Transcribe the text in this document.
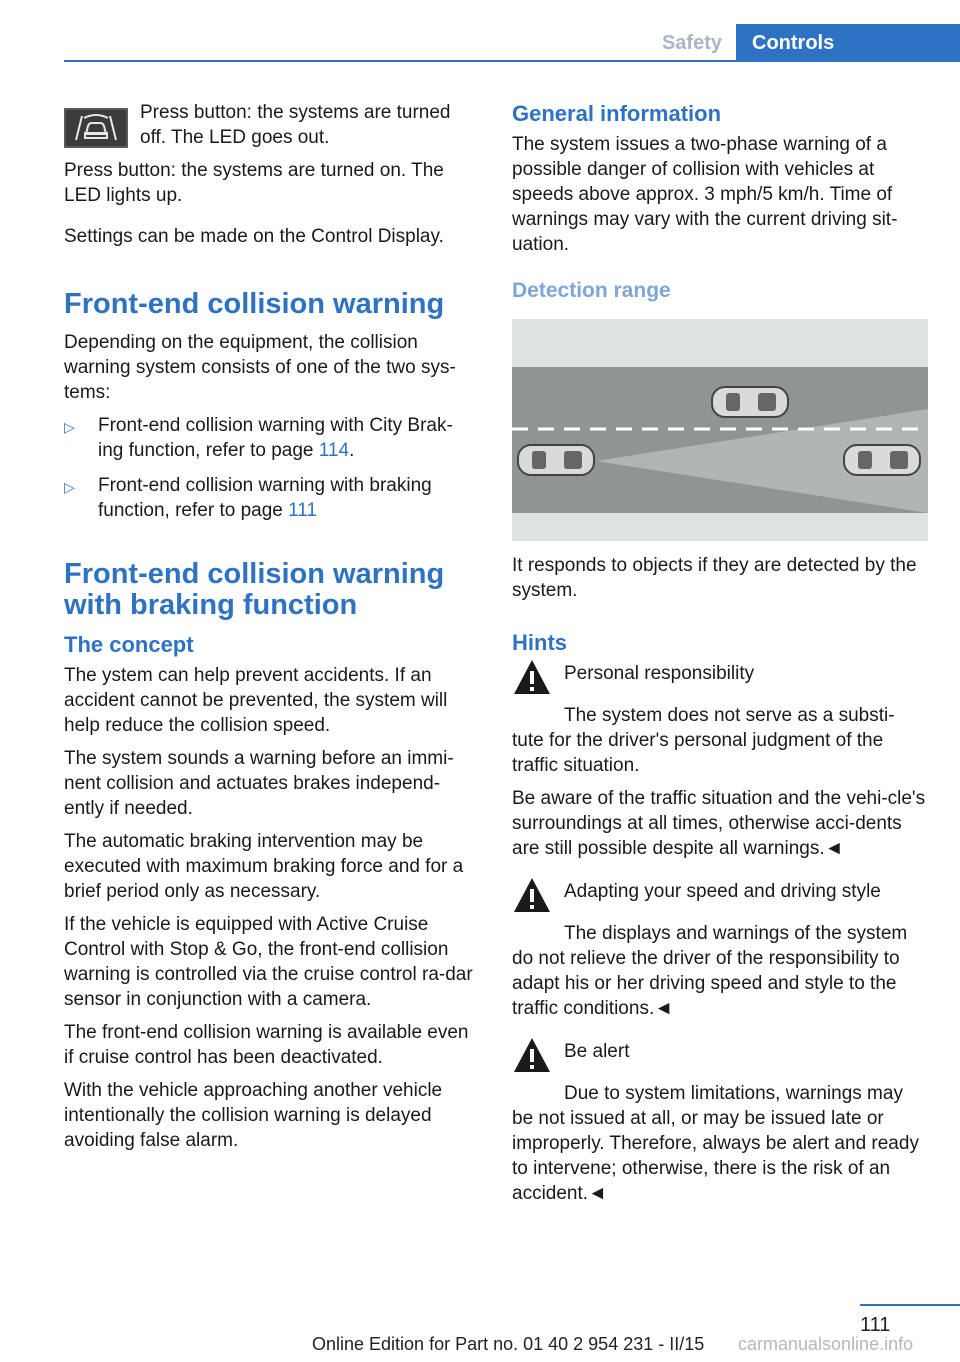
Safety	Controls
Press button: the systems are turned off. The LED goes out.

Press button: the systems are turned on. The LED lights up.

Settings can be made on the Control Display.

Front-end collision warning

Depending on the equipment, the collision warning system consists of one of the two sys-tems:

▷	Front-end collision warning with City Brak-ing function, refer to page 114.
▷	Front-end collision warning with braking function, refer to page 111
Front-end collision warning with braking function
The concept

The ystem can help prevent accidents. If an accident cannot be prevented, the system will help reduce the collision speed.

The system sounds a warning before an immi-nent collision and actuates brakes independ-ently if needed.

The automatic braking intervention may be executed with maximum braking force and for a brief period only as necessary.

If the vehicle is equipped with Active Cruise Control with Stop & Go, the front-end collision warning is controlled via the cruise control ra-dar sensor in conjunction with a camera.

The front-end collision warning is available even if cruise control has been deactivated.

With the vehicle approaching another vehicle intentionally the collision warning is delayed avoiding false alarm.

General information

The system issues a two-phase warning of a possible danger of collision with vehicles at speeds above approx. 3 mph/5 km/h. Time of warnings may vary with the current driving sit-uation.

Detection range

It responds to objects if they are detected by the system.

Hints
Personal responsibility

The system does not serve as a substi-tute for the driver's personal judgment of the traffic situation.

Be aware of the traffic situation and the vehi-cle's surroundings at all times, otherwise acci-dents are still possible despite all warnings.◄

Adapting your speed and driving style

The displays and warnings of the system do not relieve the driver of the responsibility to adapt his or her driving speed and style to the traffic conditions.◄

Be alert

Due to system limitations, warnings may be not issued at all, or may be issued late or improperly. Therefore, always be alert and ready to intervene; otherwise, there is the risk of an accident.◄

111
Online Edition for Part no. 01 40 2 954 231 - II/15 carmanualsonline.info
